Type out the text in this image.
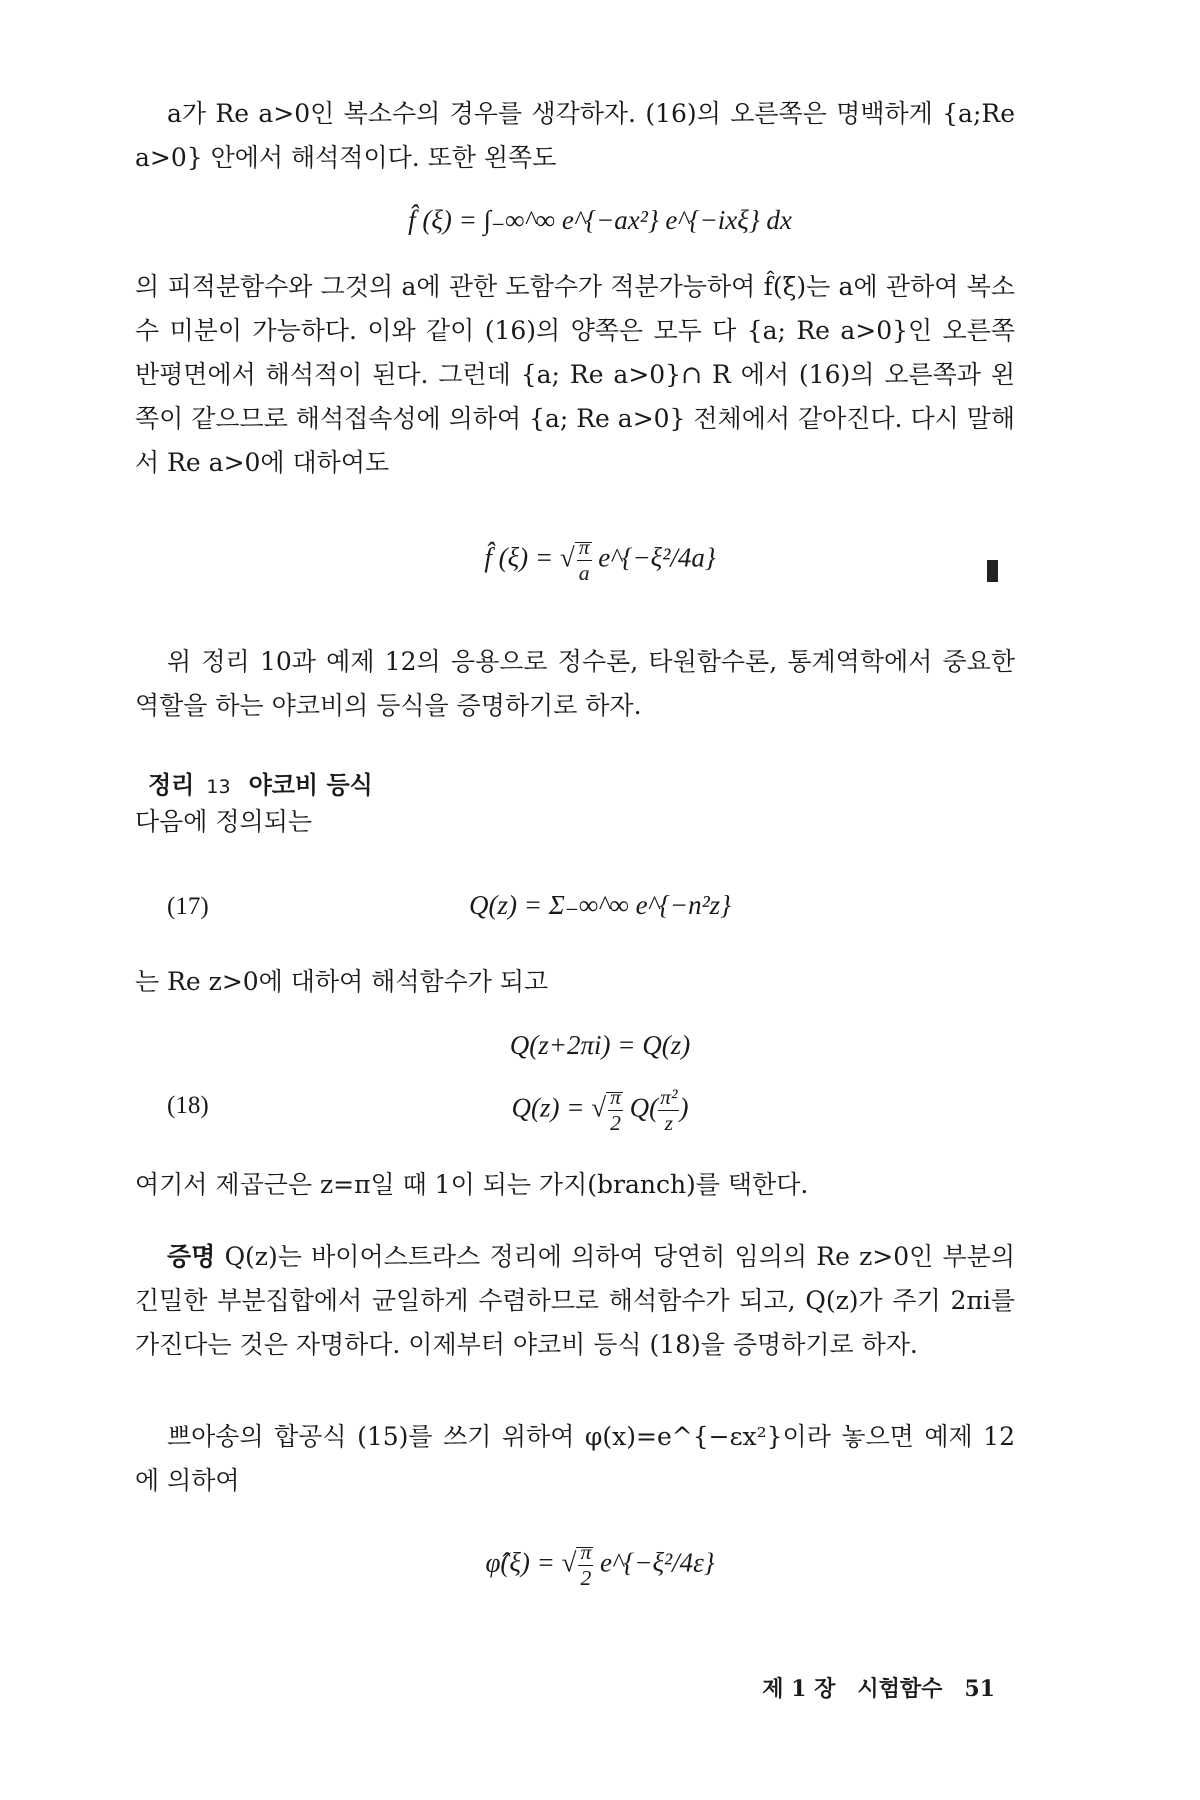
a가 Re a>0인 복소수의 경우를 생각하자. (16)의 오른쪽은 명백하게 {a;Re a>0} 안에서 해석적이다. 또한 왼쪽도

f̂ (ξ) = ∫₋∞^∞ e^{−ax²} e^{−ixξ} dx

의 피적분함수와 그것의 a에 관한 도함수가 적분가능하여 f̂(ξ)는 a에 관하여 복소수 미분이 가능하다. 이와 같이 (16)의 양쪽은 모두 다 {a; Re a>0}인 오른쪽 반평면에서 해석적이 된다. 그런데 {a; Re a>0}∩ R 에서 (16)의 오른쪽과 왼쪽이 같으므로 해석접속성에 의하여 {a; Re a>0} 전체에서 같아진다. 다시 말해서 Re a>0에 대하여도

f̂ (ξ) = √ $\frac{\pi}{a}$ e^{−ξ²/4a}

위 정리 10과 예제 12의 응용으로 정수론, 타원함수론, 통계역학에서 중요한 역할을 하는 야코비의 등식을 증명하기로 하자.

정리 13 야코비 등식

다음에 정의되는

(17)	Q(z) = Σ₋∞^∞ e^{−n²z}

는 Re z>0에 대하여 해석함수가 되고

Q(z+2πi) = Q(z)
(18)	Q(z) = √ $\frac{\pi}{2} Q( \frac{\text{π²}}{z}$ )

여기서 제곱근은 z=π일 때 1이 되는 가지(branch)를 택한다.

증명 Q(z)는 바이어스트라스 정리에 의하여 당연히 임의의 Re z>0인 부분의 긴밀한 부분집합에서 균일하게 수렴하므로 해석함수가 되고, Q(z)가 주기 2πi를 가진다는 것은 자명하다. 이제부터 야코비 등식 (18)을 증명하기로 하자.

쁘아송의 합공식 (15)를 쓰기 위하여 φ(x)=e^{−εx²}이라 놓으면 예제 12에 의하여

φ̂(ξ) = √ $\frac{\pi}{2}$ e^{−ξ²/4ε}
제 1 장 시험함수 51
